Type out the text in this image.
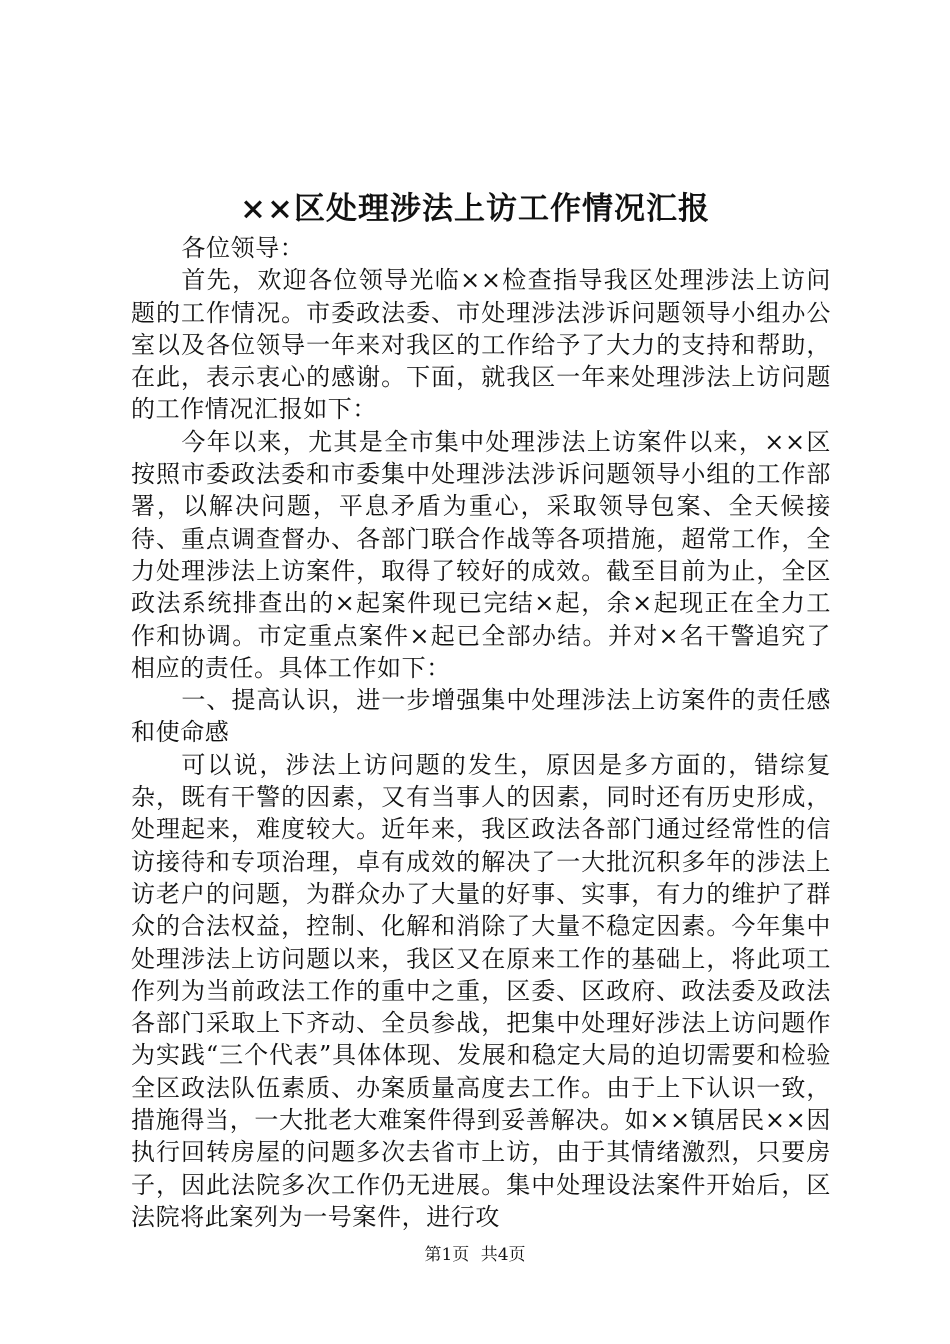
××区处理涉法上访工作情况汇报

各位领导：

首先，欢迎各位领导光临××检查指导我区处理涉法上访问题的工作情况。市委政法委、市处理涉法涉诉问题领导小组办公室以及各位领导一年来对我区的工作给予了大力的支持和帮助，在此，表示衷心的感谢。下面，就我区一年来处理涉法上访问题的工作情况汇报如下：

今年以来，尤其是全市集中处理涉法上访案件以来，××区按照市委政法委和市委集中处理涉法涉诉问题领导小组的工作部署，以解决问题，平息矛盾为重心，采取领导包案、全天候接待、重点调查督办、各部门联合作战等各项措施，超常工作，全力处理涉法上访案件，取得了较好的成效。截至目前为止，全区政法系统排查出的×起案件现已完结×起，余×起现正在全力工作和协调。市定重点案件×起已全部办结。并对×名干警追究了相应的责任。具体工作如下：

一、提高认识，进一步增强集中处理涉法上访案件的责任感和使命感

可以说，涉法上访问题的发生，原因是多方面的，错综复杂，既有干警的因素，又有当事人的因素，同时还有历史形成，处理起来，难度较大。近年来，我区政法各部门通过经常性的信访接待和专项治理，卓有成效的解决了一大批沉积多年的涉法上访老户的问题，为群众办了大量的好事、实事，有力的维护了群众的合法权益，控制、化解和消除了大量不稳定因素。今年集中处理涉法上访问题以来，我区又在原来工作的基础上，将此项工作列为当前政法工作的重中之重，区委、区政府、政法委及政法各部门采取上下齐动、全员参战，把集中处理好涉法上访问题作为实践“三个代表”具体体现、发展和稳定大局的迫切需要和检验全区政法队伍素质、办案质量高度去工作。由于上下认识一致，措施得当，一大批老大难案件得到妥善解决。如××镇居民××因执行回转房屋的问题多次去省市上访，由于其情绪激烈，只要房子，因此法院多次工作仍无进展。集中处理设法案件开始后，区法院将此案列为一号案件，进行攻

第1页 共4页
